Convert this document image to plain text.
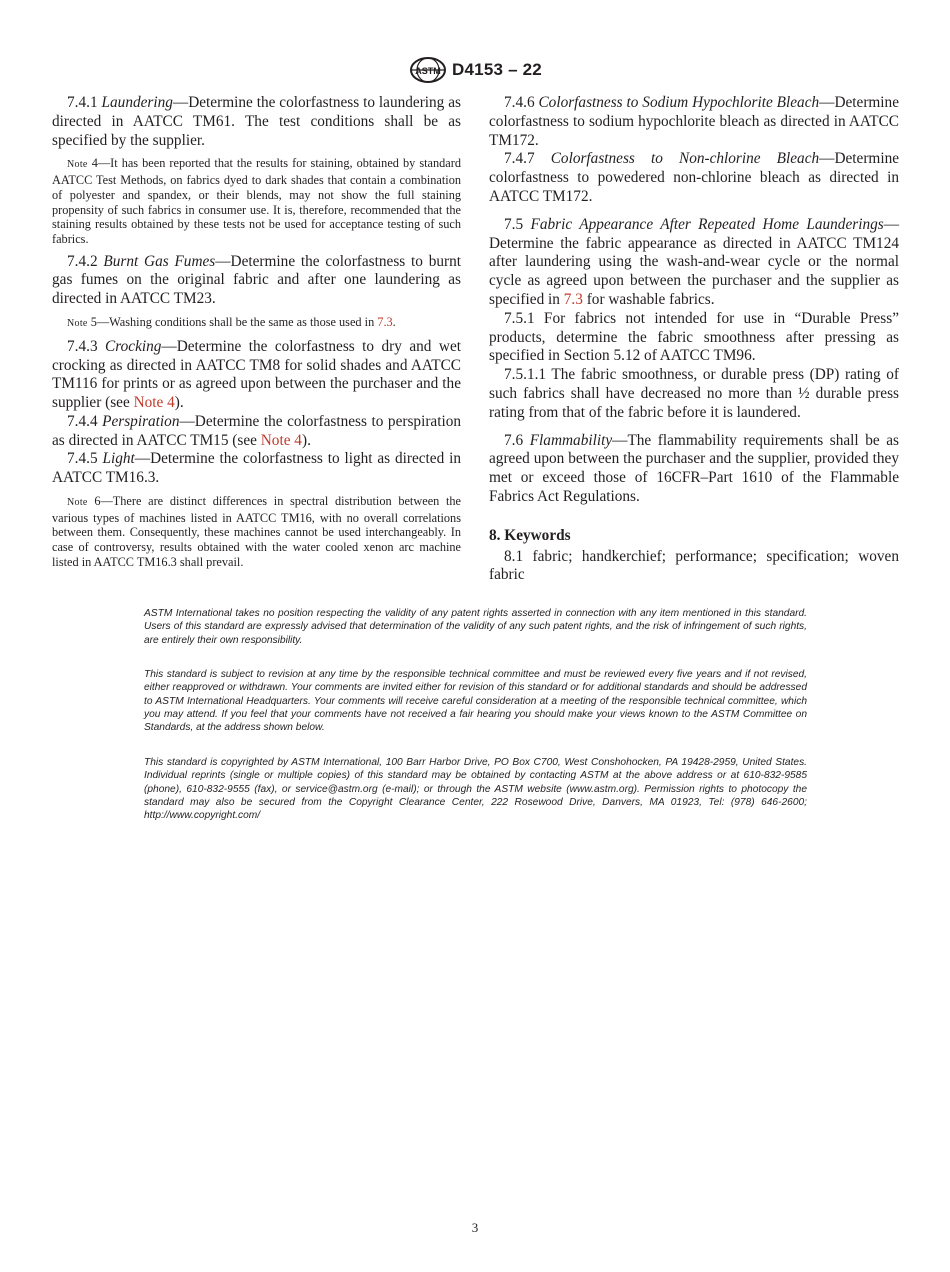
ASTM D4153 – 22

7.4.1 Laundering—Determine the colorfastness to laundering as directed in AATCC TM61. The test conditions shall be as specified by the supplier.

Note 4—It has been reported that the results for staining, obtained by standard AATCC Test Methods, on fabrics dyed to dark shades that contain a combination of polyester and spandex, or their blends, may not show the full staining propensity of such fabrics in consumer use. It is, therefore, recommended that the staining results obtained by these tests not be used for acceptance testing of such fabrics.

7.4.2 Burnt Gas Fumes—Determine the colorfastness to burnt gas fumes on the original fabric and after one laundering as directed in AATCC TM23.

Note 5—Washing conditions shall be the same as those used in 7.3.

7.4.3 Crocking—Determine the colorfastness to dry and wet crocking as directed in AATCC TM8 for solid shades and AATCC TM116 for prints or as agreed upon between the purchaser and the supplier (see Note 4).

7.4.4 Perspiration—Determine the colorfastness to perspiration as directed in AATCC TM15 (see Note 4).

7.4.5 Light—Determine the colorfastness to light as directed in AATCC TM16.3.

Note 6—There are distinct differences in spectral distribution between the various types of machines listed in AATCC TM16, with no overall correlations between them. Consequently, these machines cannot be used interchangeably. In case of controversy, results obtained with the water cooled xenon arc machine listed in AATCC TM16.3 shall prevail.

7.4.6 Colorfastness to Sodium Hypochlorite Bleach—Determine colorfastness to sodium hypochlorite bleach as directed in AATCC TM172.

7.4.7 Colorfastness to Non-chlorine Bleach—Determine colorfastness to powedered non-chlorine bleach as directed in AATCC TM172.

7.5 Fabric Appearance After Repeated Home Launderings—Determine the fabric appearance as directed in AATCC TM124 after laundering using the wash-and-wear cycle or the normal cycle as agreed upon between the purchaser and the supplier as specified in 7.3 for washable fabrics.

7.5.1 For fabrics not intended for use in “Durable Press” products, determine the fabric smoothness after pressing as specified in Section 5.12 of AATCC TM96.

7.5.1.1 The fabric smoothness, or durable press (DP) rating of such fabrics shall have decreased no more than ½ durable press rating from that of the fabric before it is laundered.

7.6 Flammability—The flammability requirements shall be as agreed upon between the purchaser and the supplier, provided they met or exceed those of 16CFR–Part 1610 of the Flammable Fabrics Act Regulations.

8. Keywords

8.1 fabric; handkerchief; performance; specification; woven fabric

ASTM International takes no position respecting the validity of any patent rights asserted in connection with any item mentioned in this standard. Users of this standard are expressly advised that determination of the validity of any such patent rights, and the risk of infringement of such rights, are entirely their own responsibility.

This standard is subject to revision at any time by the responsible technical committee and must be reviewed every five years and if not revised, either reapproved or withdrawn. Your comments are invited either for revision of this standard or for additional standards and should be addressed to ASTM International Headquarters. Your comments will receive careful consideration at a meeting of the responsible technical committee, which you may attend. If you feel that your comments have not received a fair hearing you should make your views known to the ASTM Committee on Standards, at the address shown below.

This standard is copyrighted by ASTM International, 100 Barr Harbor Drive, PO Box C700, West Conshohocken, PA 19428-2959, United States. Individual reprints (single or multiple copies) of this standard may be obtained by contacting ASTM at the above address or at 610-832-9585 (phone), 610-832-9555 (fax), or service@astm.org (e-mail); or through the ASTM website (www.astm.org). Permission rights to photocopy the standard may also be secured from the Copyright Clearance Center, 222 Rosewood Drive, Danvers, MA 01923, Tel: (978) 646-2600; http://www.copyright.com/

3
